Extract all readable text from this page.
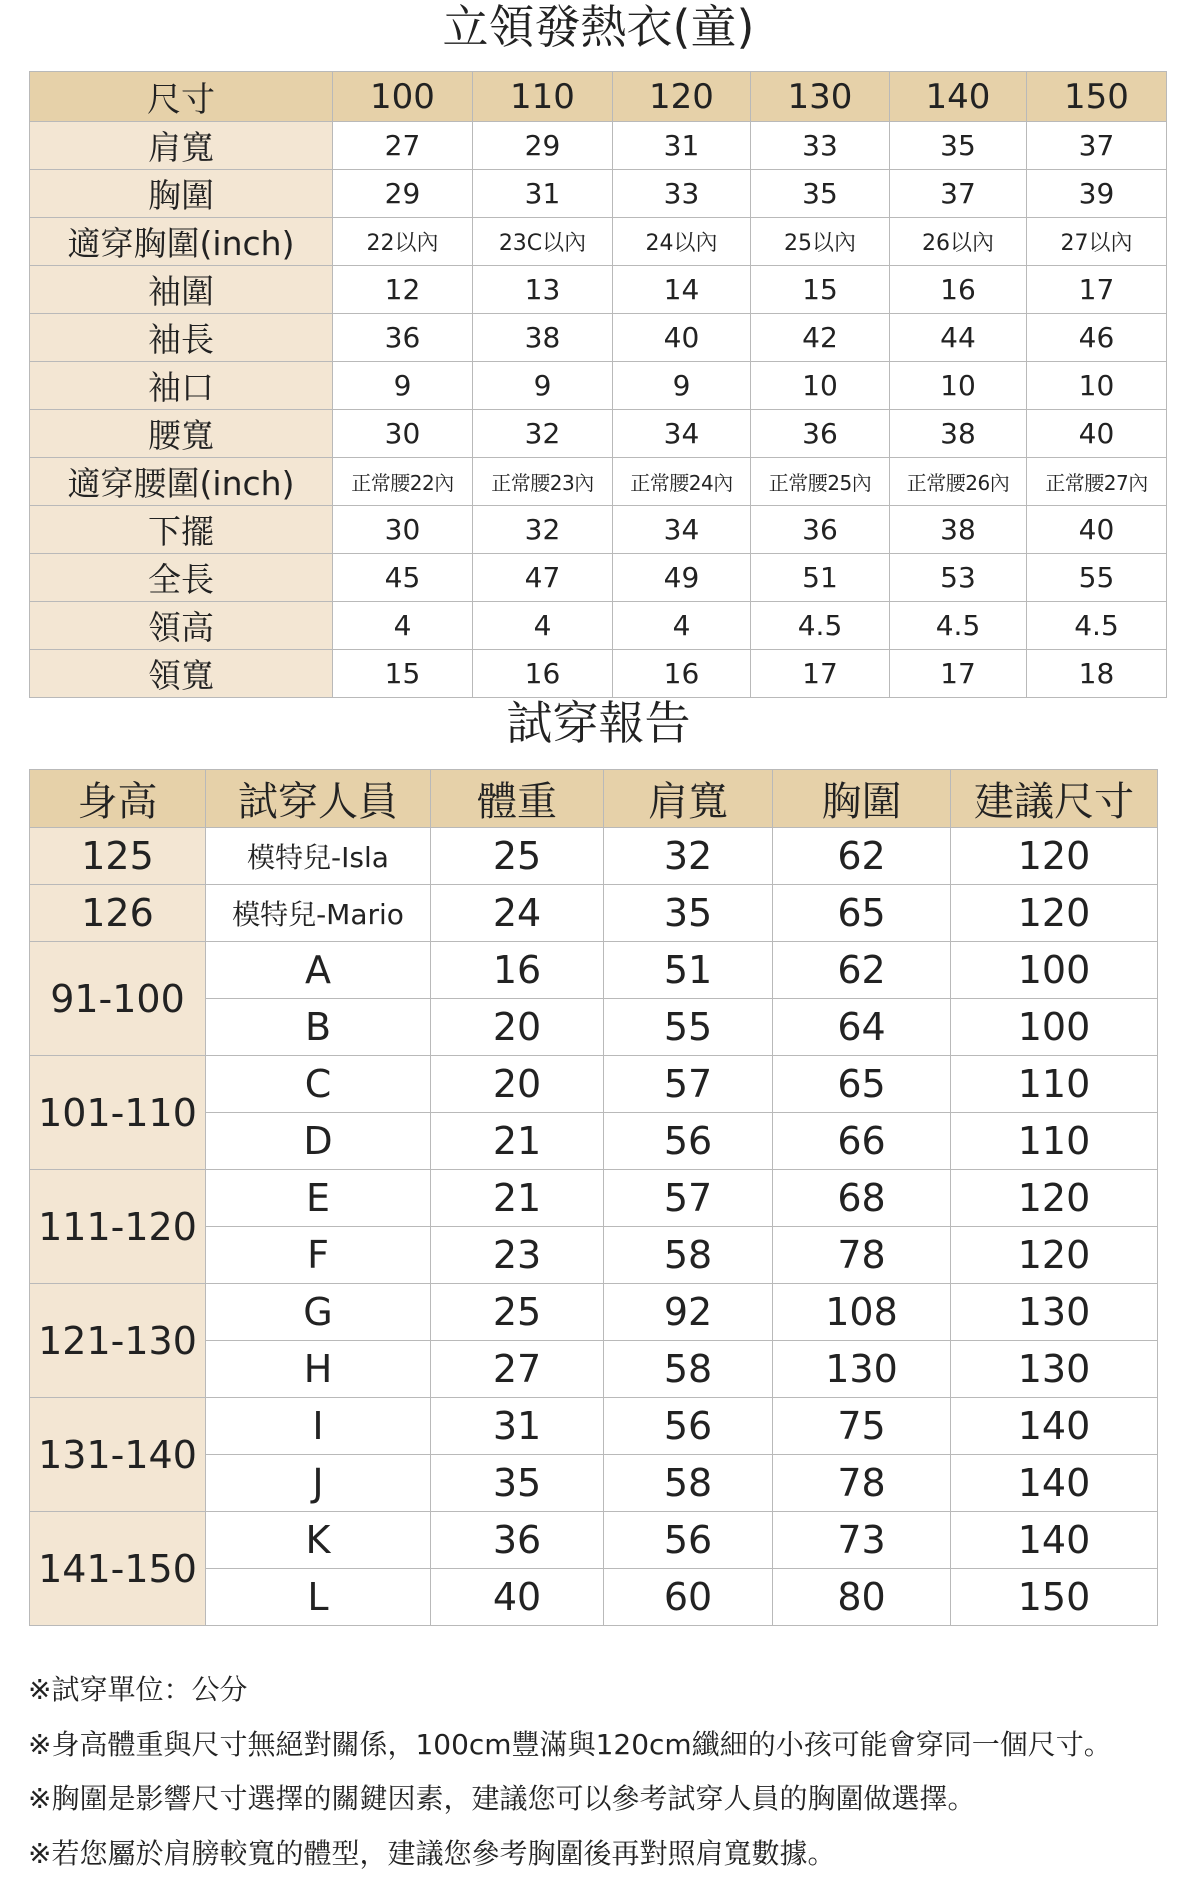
立領發熱衣(童)
尺寸	100	110	120	130	140	150
肩寬	27	29	31	33	35	37
胸圍	29	31	33	35	37	39
適穿胸圍(inch)	22以內	23C以內	24以內	25以內	26以內	27以內
袖圍	12	13	14	15	16	17
袖長	36	38	40	42	44	46
袖口	9	9	9	10	10	10
腰寬	30	32	34	36	38	40
適穿腰圍(inch)	正常腰22內	正常腰23內	正常腰24內	正常腰25內	正常腰26內	正常腰27內
下擺	30	32	34	36	38	40
全長	45	47	49	51	53	55
領高	4	4	4	4.5	4.5	4.5
領寬	15	16	16	17	17	18
試穿報告
身高	試穿人員	體重	肩寬	胸圍	建議尺寸
125	模特兒-Isla	25	32	62	120
126	模特兒-Mario	24	35	65	120
91-100	A	16	51	62	100
	B	20	55	64	100
101-110	C	20	57	65	110
	D	21	56	66	110
111-120	E	21	57	68	120
	F	23	58	78	120
121-130	G	25	92	108	130
	H	27	58	130	130
131-140	I	31	56	75	140
	J	35	58	78	140
141-150	K	36	56	73	140
	L	40	60	80	150
※試穿單位：公分
※身高體重與尺寸無絕對關係，100cm豐滿與120cm纖細的小孩可能會穿同一個尺寸。
※胸圍是影響尺寸選擇的關鍵因素，建議您可以參考試穿人員的胸圍做選擇。
※若您屬於肩膀較寬的體型，建議您參考胸圍後再對照肩寬數據。
